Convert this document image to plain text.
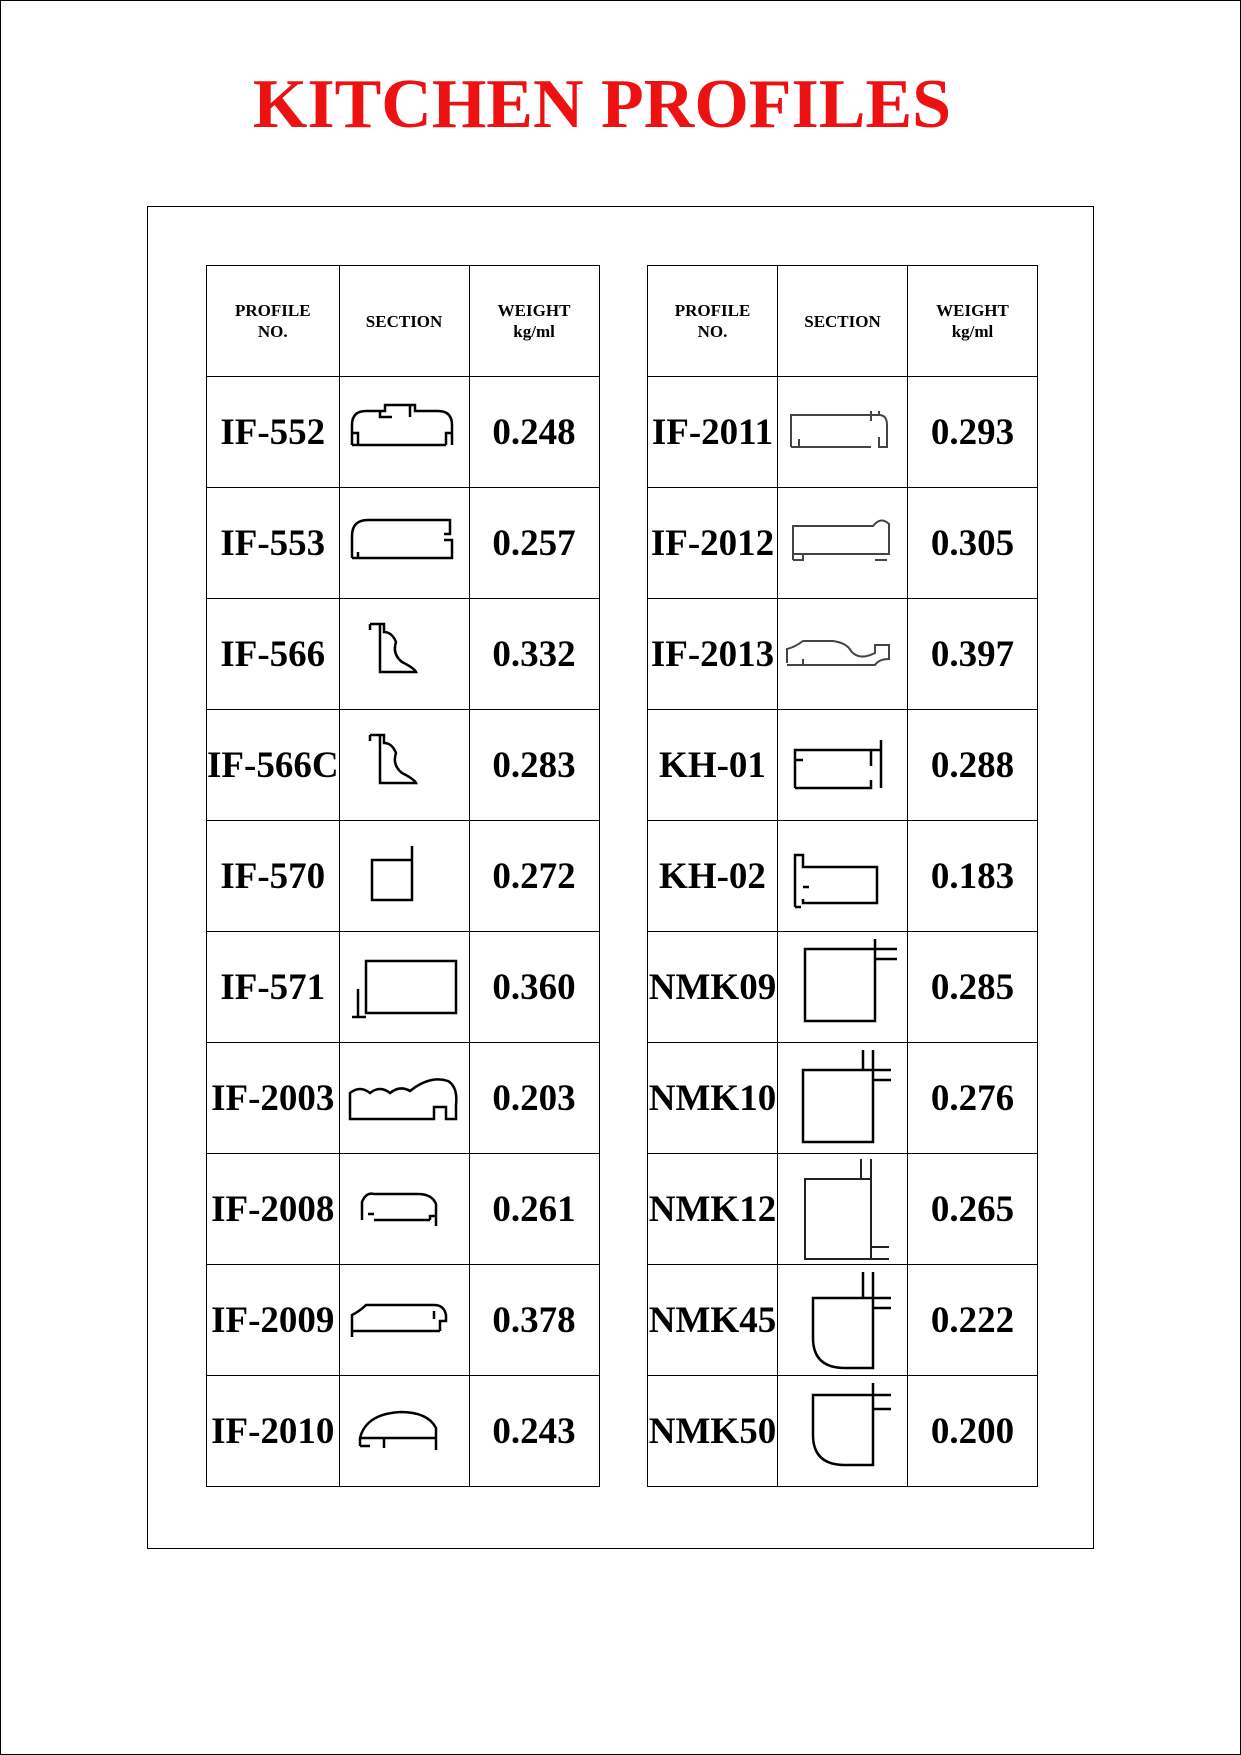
KITCHEN PROFILES
PROFILE
NO.	SECTION	WEIGHT
kg/ml
IF-552		0.248
IF-553		0.257
IF-566		0.332
IF-566C		0.283
IF-570		0.272
IF-571		0.360
IF-2003		0.203
IF-2008		0.261
IF-2009		0.378
IF-2010		0.243
PROFILE
NO.	SECTION	WEIGHT
kg/ml
IF-2011		0.293
IF-2012		0.305
IF-2013		0.397
KH-01		0.288
KH-02		0.183
NMK09		0.285
NMK10		0.276
NMK12		0.265
NMK45		0.222
NMK50		0.200
